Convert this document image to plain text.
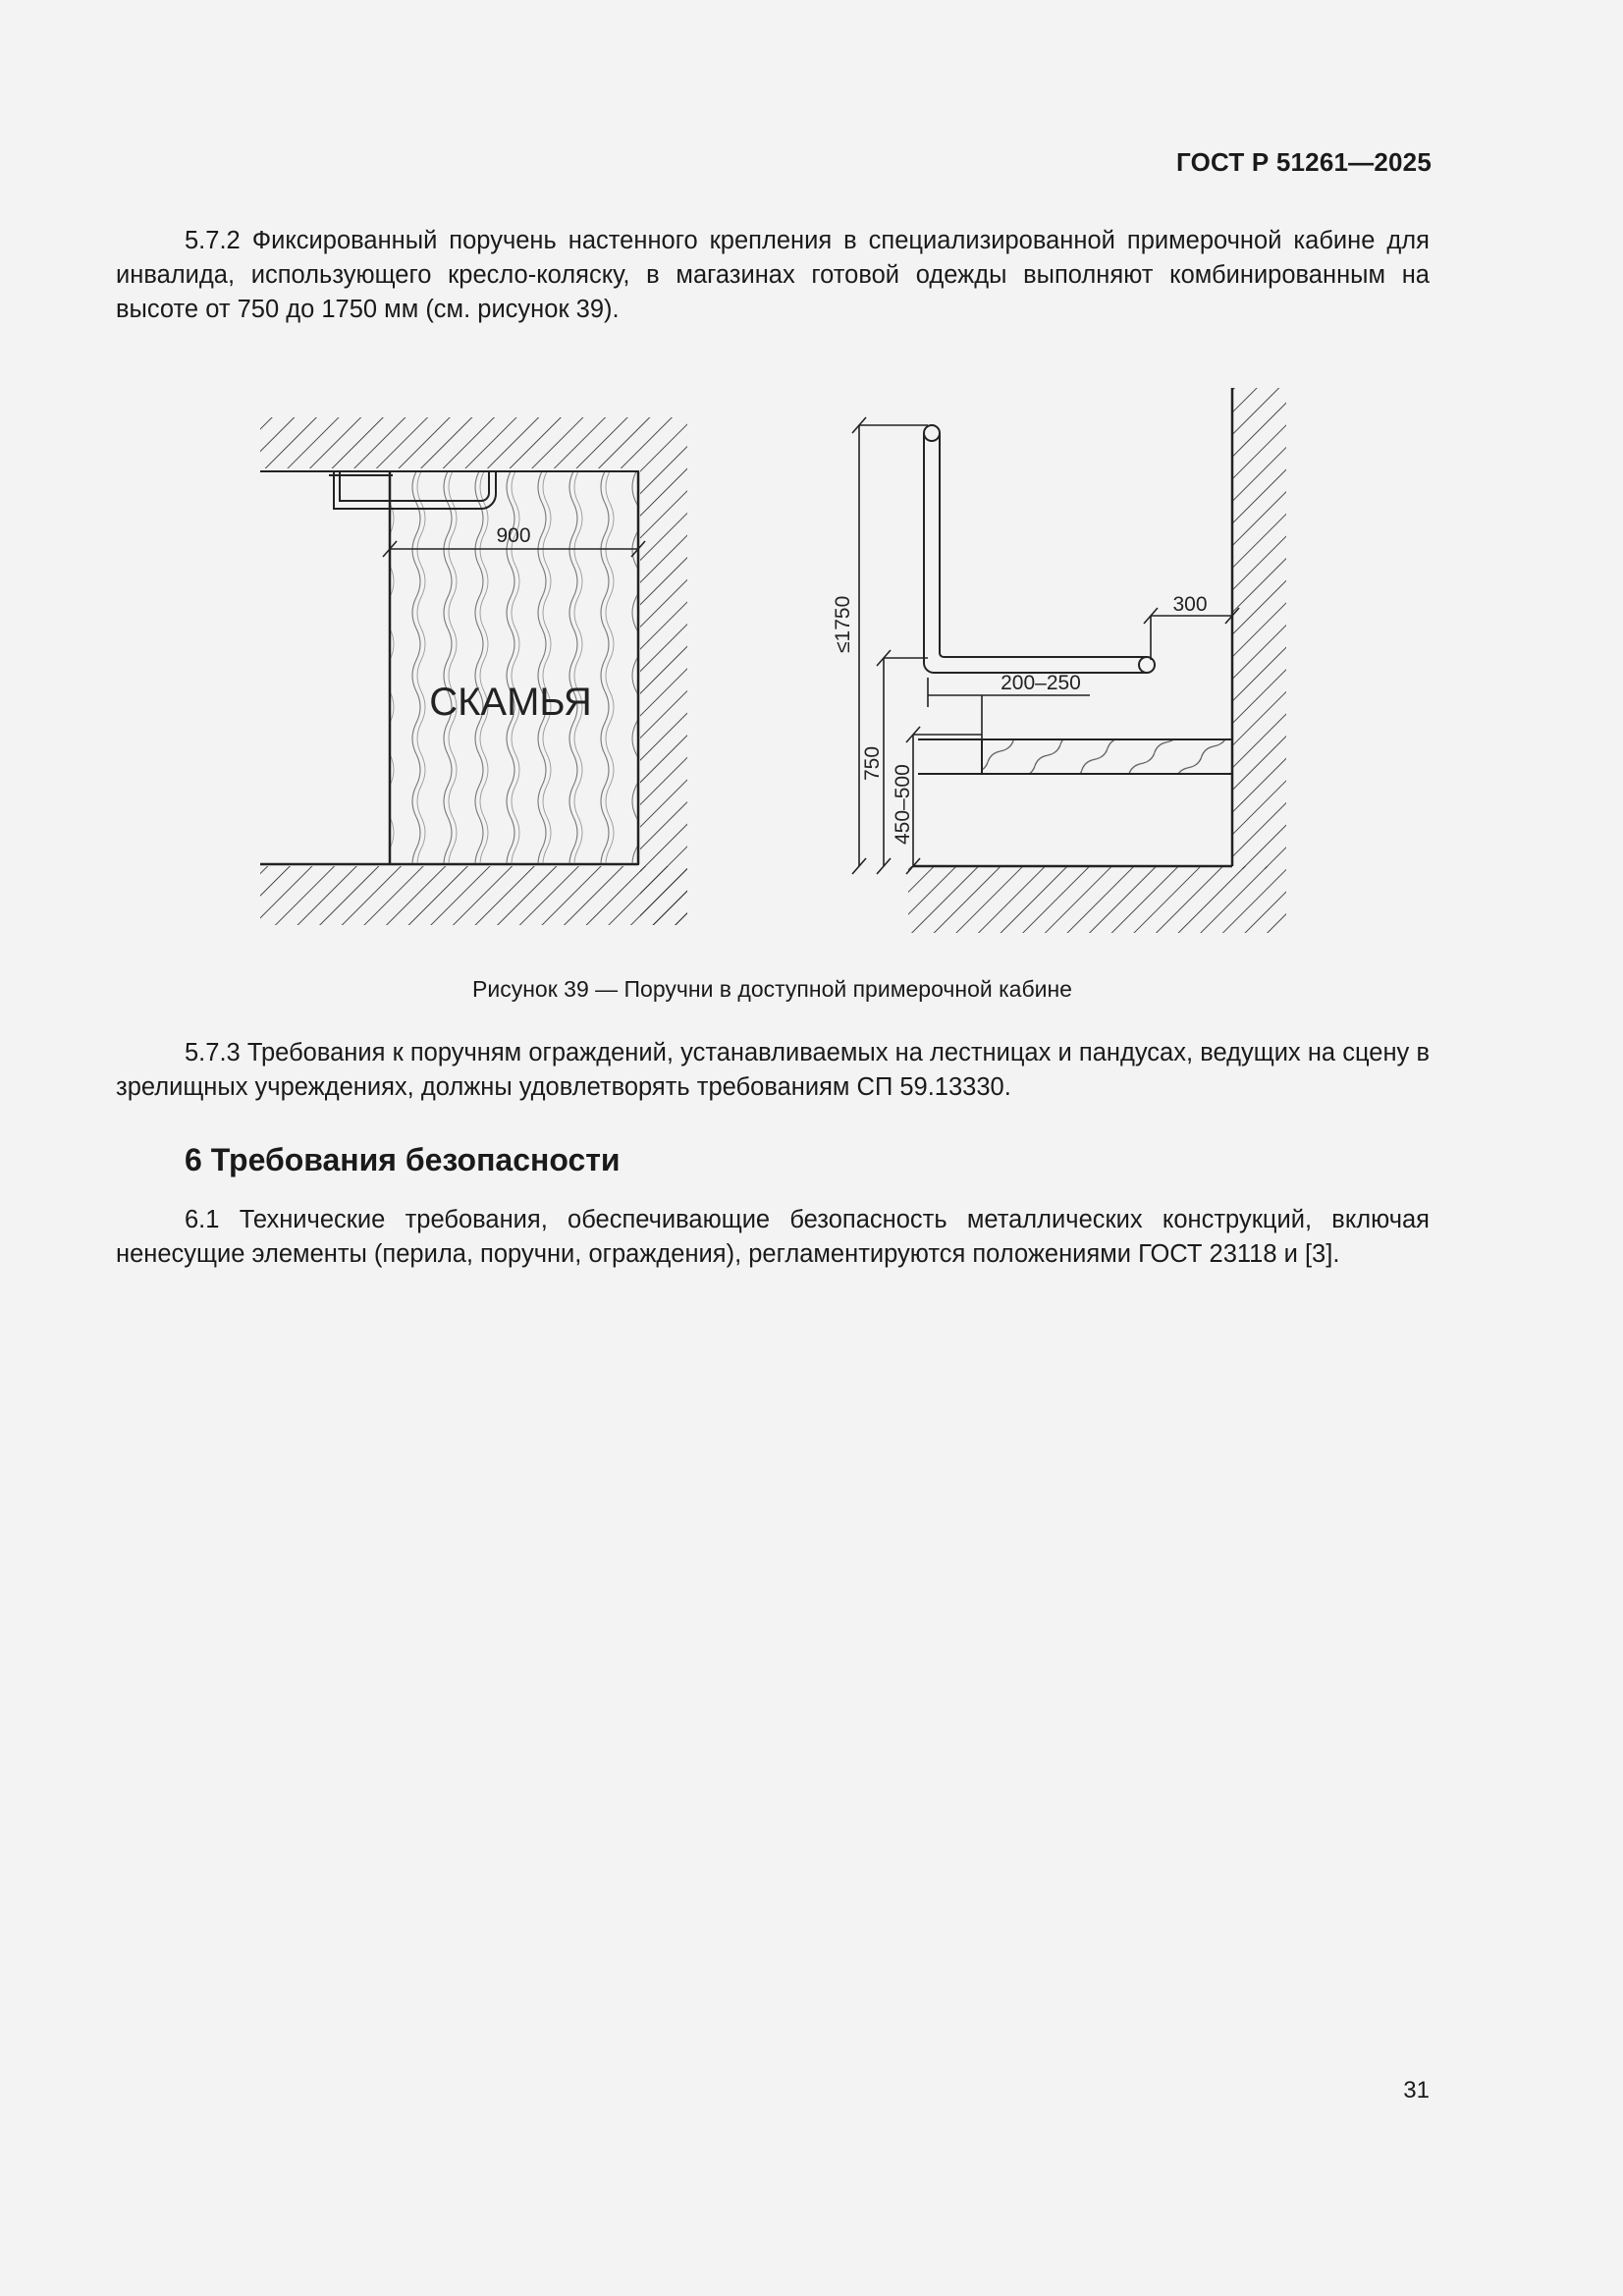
ГОСТ Р 51261—2025

5.7.2 Фиксированный поручень настенного крепления в специализированной примерочной кабине для инвалида, использующего кресло-коляску, в магазинах готовой одежды выполняют комбинированным на высоте от 750 до 1750 мм (см. рисунок 39).

СКАМЬЯ
900
300
200–250
≤1750
750
450–500
Рисунок 39 — Поручни в доступной примерочной кабине

5.7.3 Требования к поручням ограждений, устанавливаемых на лестницах и пандусах, ведущих на сцену в зрелищных учреждениях, должны удовлетворять требованиям СП 59.13330.

6 Требования безопасности

6.1 Технические требования, обеспечивающие безопасность металлических конструкций, включая ненесущие элементы (перила, поручни, ограждения), регламентируются положениями ГОСТ 23118 и [3].

31
